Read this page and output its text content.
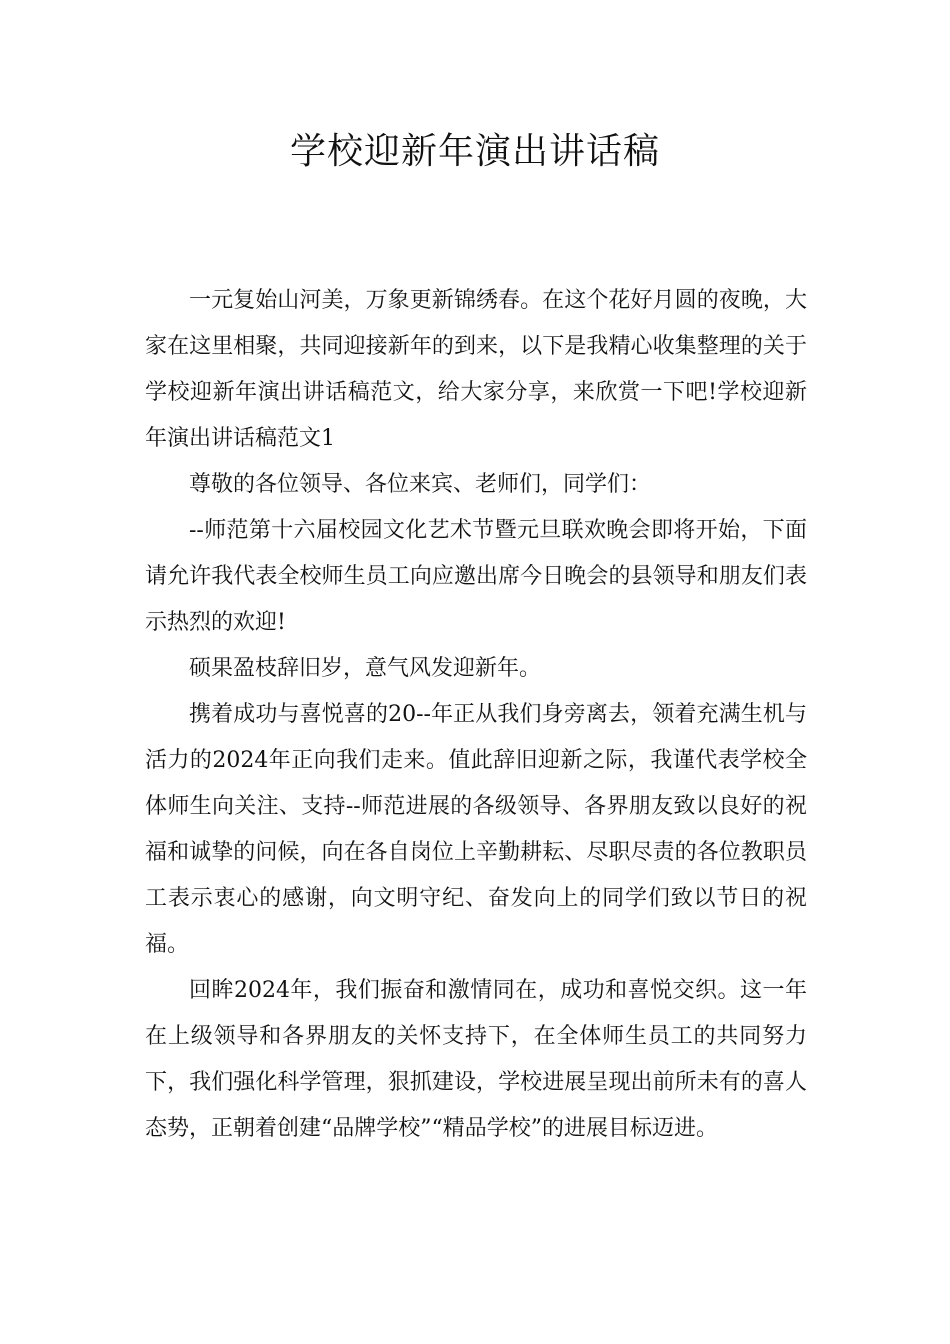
学校迎新年演出讲话稿

一元复始山河美，万象更新锦绣春。在这个花好月圆的夜晚，大家在这里相聚，共同迎接新年的到来，以下是我精心收集整理的关于学校迎新年演出讲话稿范文，给大家分享，来欣赏一下吧!学校迎新年演出讲话稿范文1

尊敬的各位领导、各位来宾、老师们，同学们：

--师范第十六届校园文化艺术节暨元旦联欢晚会即将开始，下面请允许我代表全校师生员工向应邀出席今日晚会的县领导和朋友们表示热烈的欢迎!

硕果盈枝辞旧岁，意气风发迎新年。

携着成功与喜悦喜的20--年正从我们身旁离去，领着充满生机与活力的2024年正向我们走来。值此辞旧迎新之际，我谨代表学校全体师生向关注、支持--师范进展的各级领导、各界朋友致以良好的祝福和诚挚的问候，向在各自岗位上辛勤耕耘、尽职尽责的各位教职员工表示衷心的感谢，向文明守纪、奋发向上的同学们致以节日的祝福。

回眸2024年，我们振奋和激情同在，成功和喜悦交织。这一年在上级领导和各界朋友的关怀支持下，在全体师生员工的共同努力下，我们强化科学管理，狠抓建设，学校进展呈现出前所未有的喜人态势，正朝着创建“品牌学校”“精品学校”的进展目标迈进。
